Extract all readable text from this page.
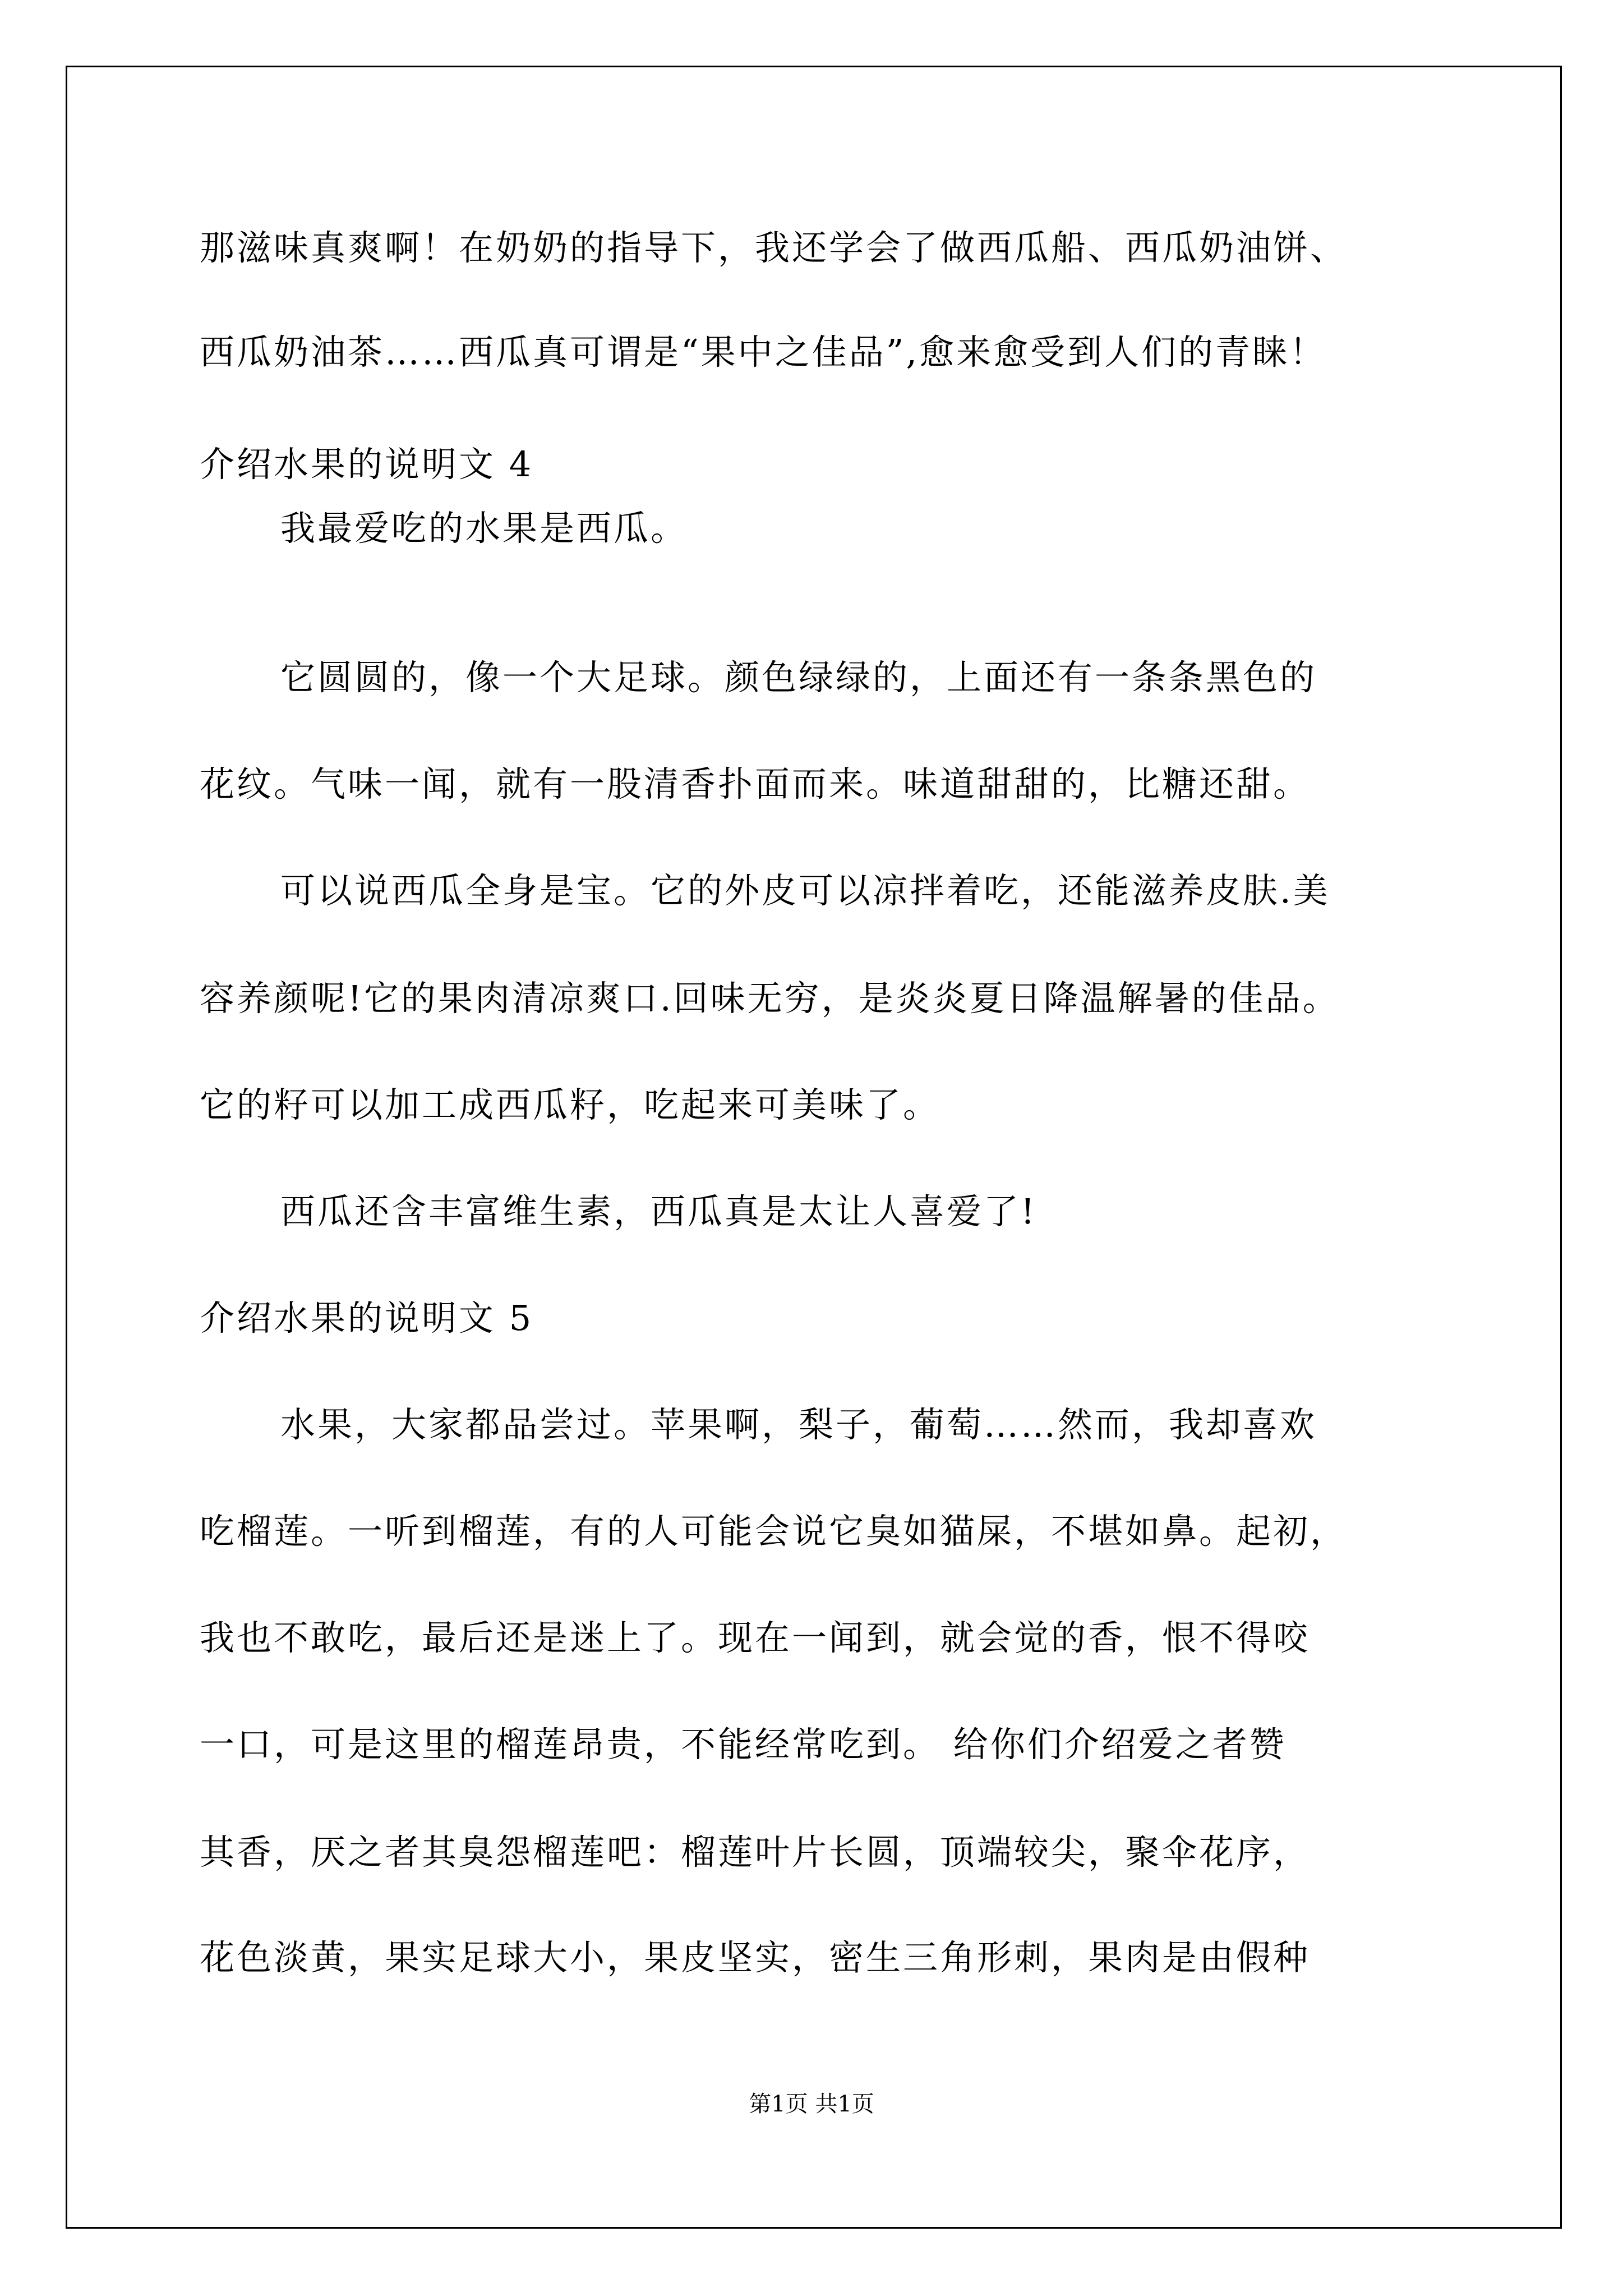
那滋味真爽啊！在奶奶的指导下，我还学会了做西瓜船、西瓜奶油饼、
西瓜奶油茶……西瓜真可谓是“果中之佳品”,愈来愈受到人们的青睐！
介绍水果的说明文 4
我最爱吃的水果是西瓜。
它圆圆的，像一个大足球。颜色绿绿的，上面还有一条条黑色的
花纹。气味一闻，就有一股清香扑面而来。味道甜甜的，比糖还甜。
可以说西瓜全身是宝。它的外皮可以凉拌着吃，还能滋养皮肤.美
容养颜呢!它的果肉清凉爽口.回味无穷，是炎炎夏日降温解暑的佳品。
它的籽可以加工成西瓜籽，吃起来可美味了。
西瓜还含丰富维生素，西瓜真是太让人喜爱了!
介绍水果的说明文 5
水果，大家都品尝过。苹果啊，梨子，葡萄……然而，我却喜欢
吃榴莲。一听到榴莲，有的人可能会说它臭如猫屎，不堪如鼻。起初，
我也不敢吃，最后还是迷上了。现在一闻到，就会觉的香，恨不得咬
一口，可是这里的榴莲昂贵，不能经常吃到。 给你们介绍爱之者赞
其香，厌之者其臭怨榴莲吧：榴莲叶片长圆，顶端较尖，聚伞花序，
花色淡黄，果实足球大小，果皮坚实，密生三角形刺，果肉是由假种
第1页 共1页
